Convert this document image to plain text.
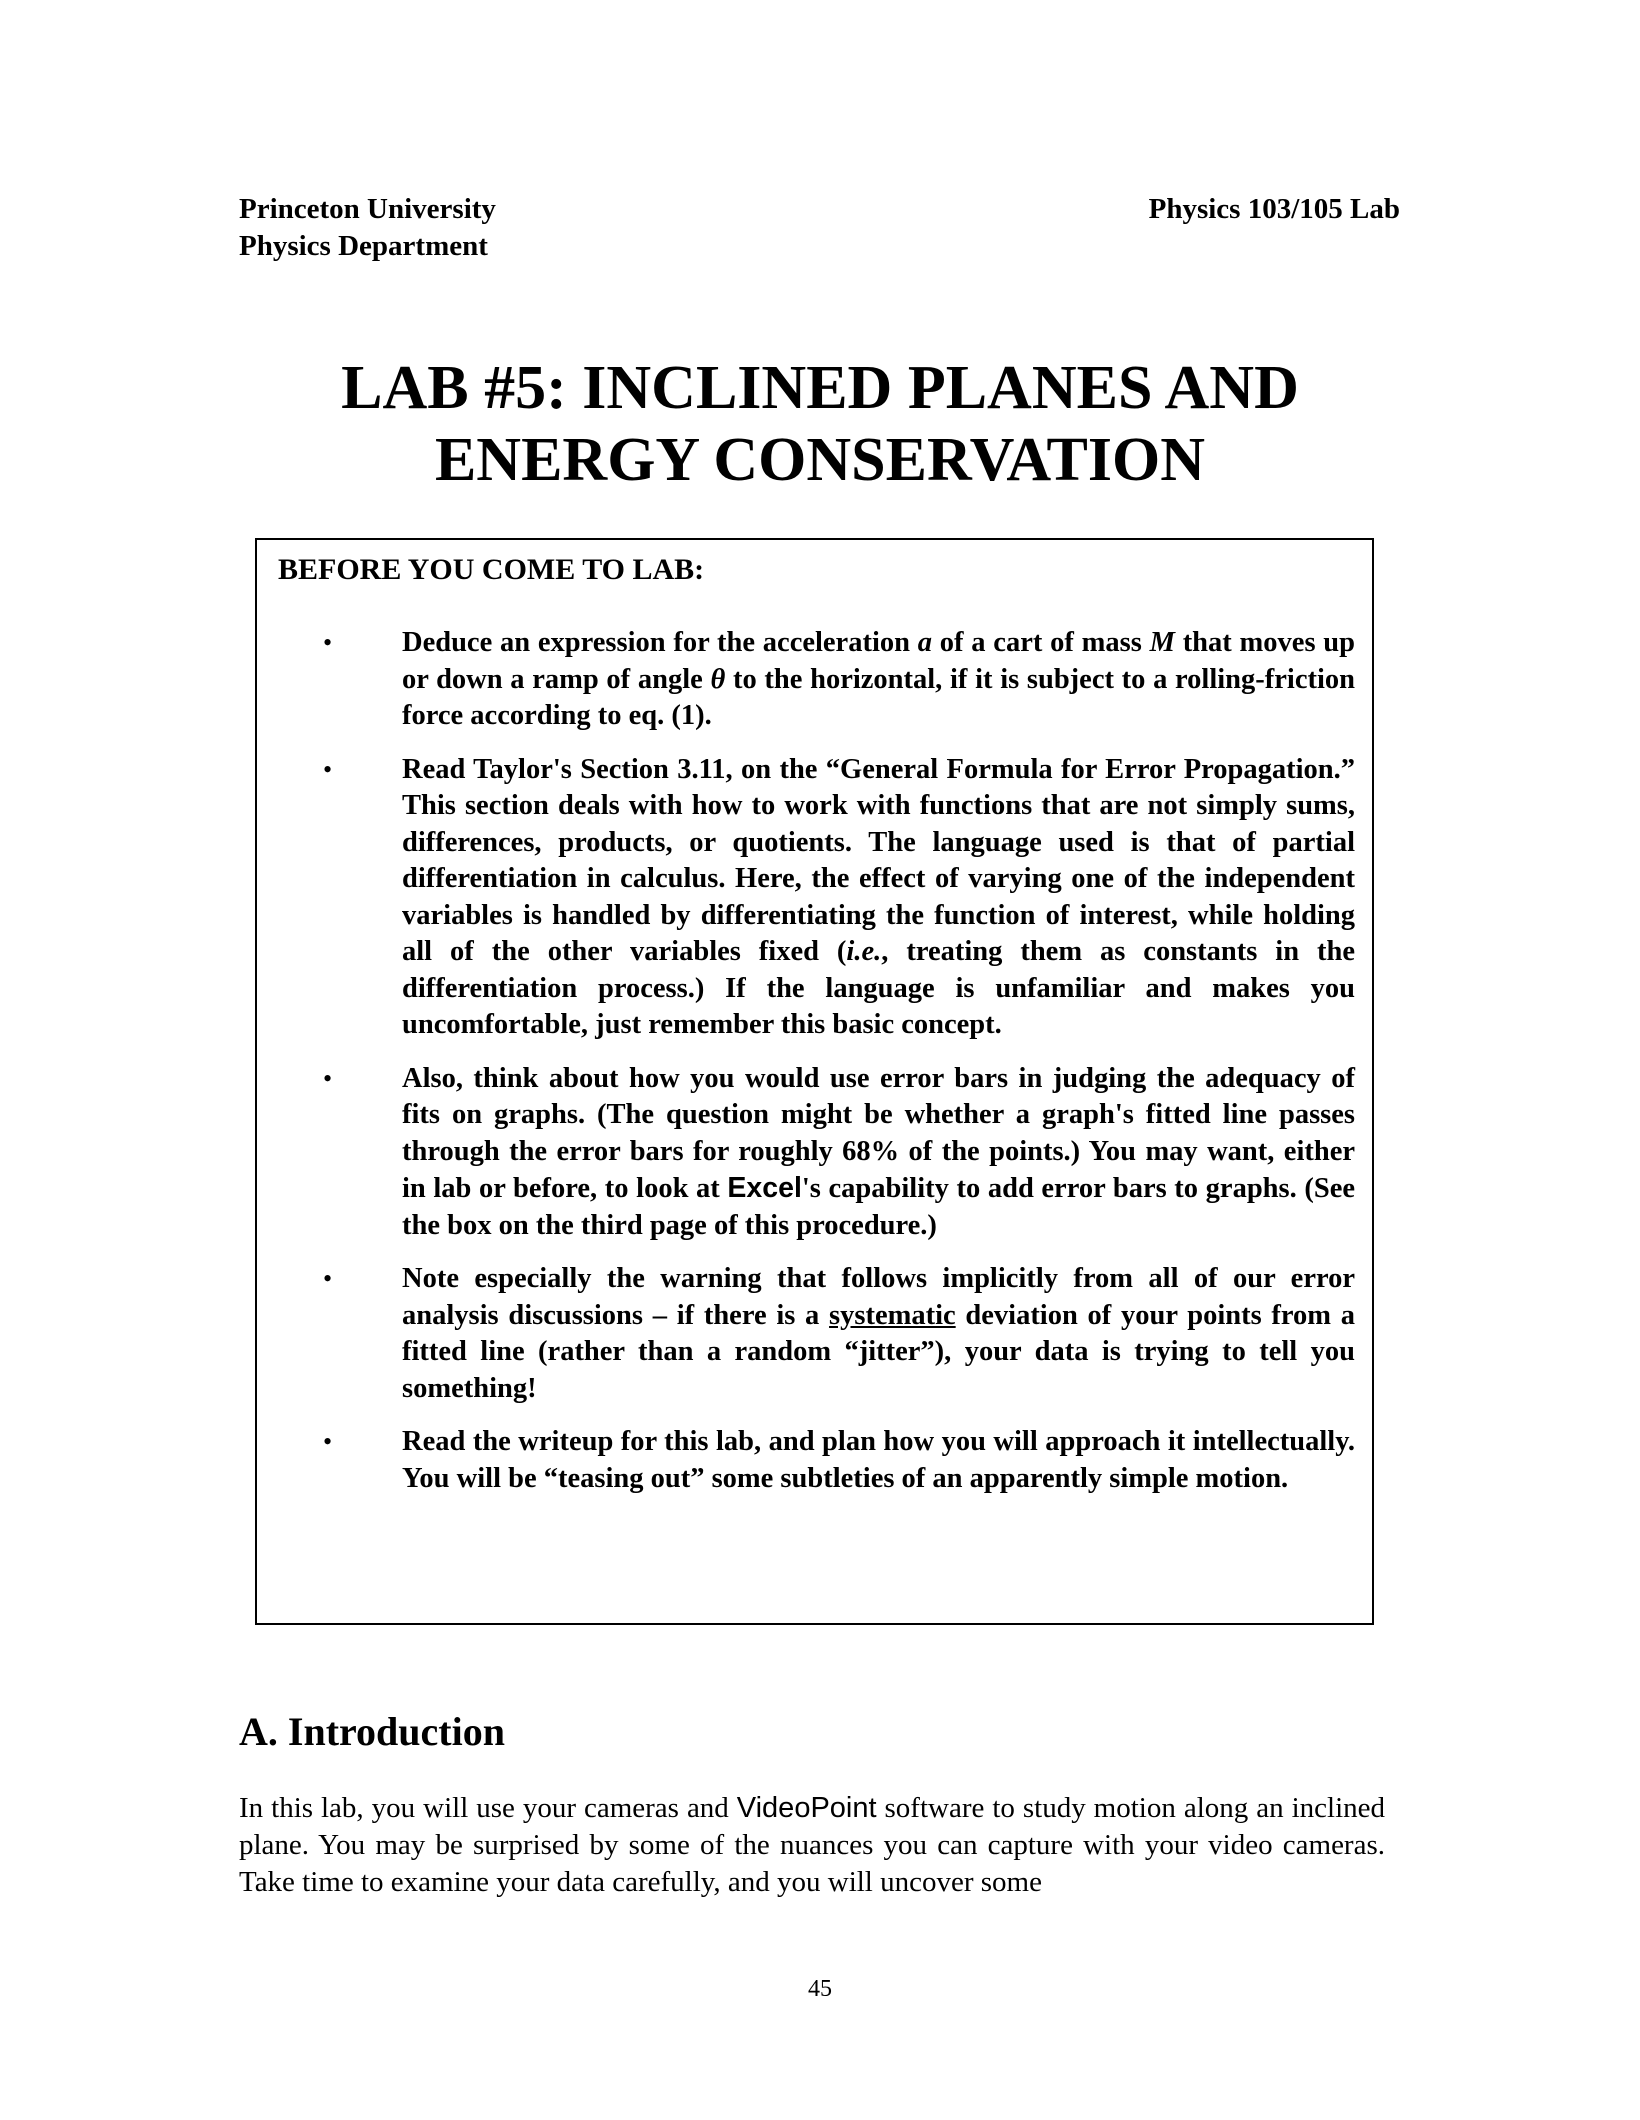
Princeton University
Physics Department
Physics 103/105 Lab
LAB #5: INCLINED PLANES AND
ENERGY CONSERVATION
BEFORE YOU COME TO LAB:
• Deduce an expression for the acceleration a of a cart of mass M that moves up or down a ramp of angle θ to the horizontal, if it is subject to a rolling-friction force according to eq. (1).
• Read Taylor's Section 3.11, on the “General Formula for Error Propagation.” This section deals with how to work with functions that are not simply sums, differences, products, or quotients. The language used is that of partial differentiation in calculus. Here, the effect of varying one of the independent variables is handled by differentiating the function of interest, while holding all of the other variables fixed (i.e., treating them as constants in the differentiation process.) If the language is unfamiliar and makes you uncomfortable, just remember this basic concept.
• Also, think about how you would use error bars in judging the adequacy of fits on graphs. (The question might be whether a graph's fitted line passes through the error bars for roughly 68% of the points.) You may want, either in lab or before, to look at Excel's capability to add error bars to graphs. (See the box on the third page of this procedure.)
• Note especially the warning that follows implicitly from all of our error analysis discussions – if there is a systematic deviation of your points from a fitted line (rather than a random “jitter”), your data is trying to tell you something!
• Read the writeup for this lab, and plan how you will approach it intellectually. You will be “teasing out” some subtleties of an apparently simple motion.
A. Introduction

In this lab, you will use your cameras and VideoPoint software to study motion along an inclined plane. You may be surprised by some of the nuances you can capture with your video cameras. Take time to examine your data carefully, and you will uncover some

45
